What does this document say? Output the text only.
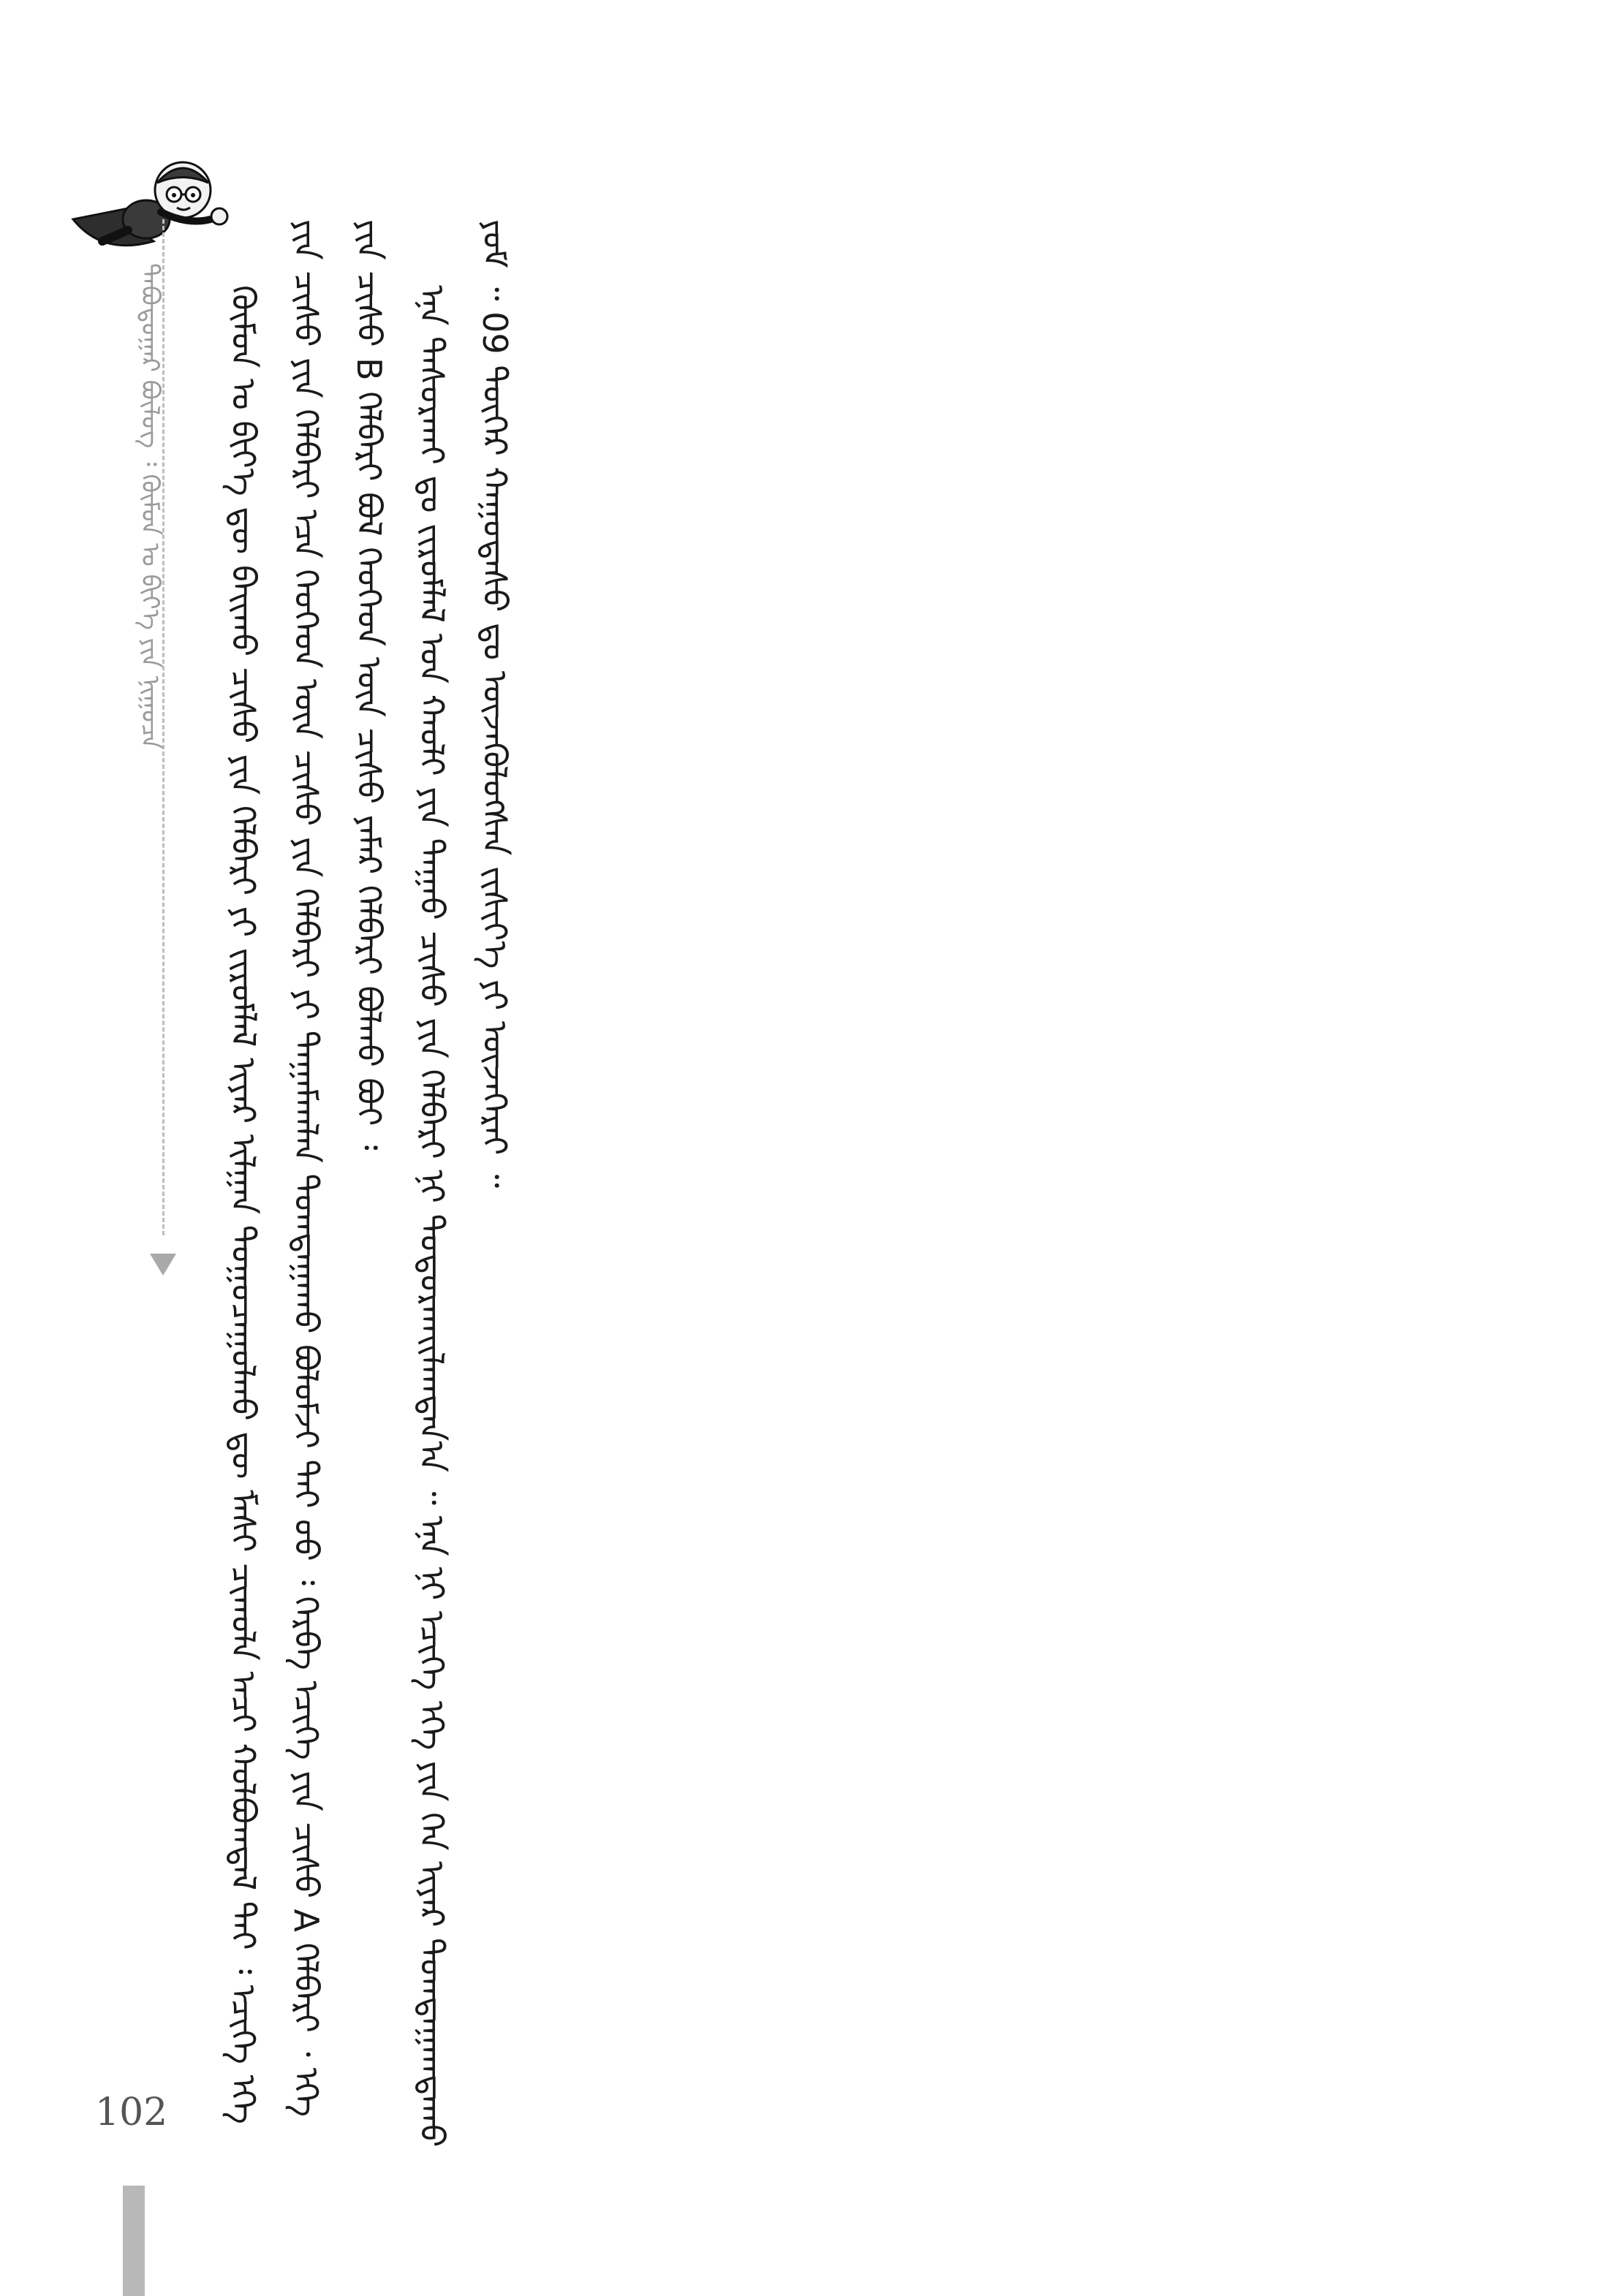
ᠲᠠᠪᠤᠳᠤᠭᠠᠷ ᠪᠦᠯᠦᠭ ᠄ ᠬᠦᠮᠦᠨ ᠤ ᠪᠢᠶ᠎ᠡ ᠶᠢᠨ ᠨᠢᠭᠤᠴᠠ	ᠬᠦᠮᠦᠨ ᠤ ᠪᠢᠶ᠎ᠡ ᠳᠦ ᠪᠠᠢᠬᠤ ᠴᠢᠰᠤ ᠶᠢᠨ ᠬᠡᠯᠪᠡᠷᠢ ᠶᠢ ᠵᠢᠷᠤᠮᠯᠠᠯ ᠢᠶᠠᠷ ᠢᠯᠭᠠᠨ ᠲᠣᠭᠤᠴᠠᠭᠤᠯᠬᠤ ᠳᠦ ᠮᠠᠰᠢ ᠴᠢᠬᠤᠯᠠ ᠠᠴᠢ ᠬᠣᠯᠪᠣᠭᠳᠠᠯ ᠲᠠᠢ ᠄ ᠡᠴᠢᠭᠡ ᠡᠬᠡ ᠶᠢᠨ ᠴᠢᠰᠤ ᠶᠢᠨ ᠬᠡᠯᠪᠡᠷᠢ ᠡᠴᠡ ᠬᠡᠦᠬᠡᠳ ᠦᠨ ᠴᠢᠰᠤ ᠶᠢᠨ ᠬᠡᠯᠪᠡᠷᠢ ᠶᠢ ᠲᠠᠭᠠᠮᠠᠭᠯᠠᠨ ᠲᠣᠭᠲᠠᠭᠠᠬᠤ ᠪᠣᠯᠤᠮᠵᠢ ᠲᠠᠢ ᠤᠤ ᠄ ᠬᠡᠷᠪᠡ ᠡᠴᠢᠭᠡ ᠶᠢᠨ ᠴᠢᠰᠤ A ᠬᠡᠯᠪᠡᠷᠢ ᠂ ᠡᠬᠡ ᠶᠢᠨ ᠴᠢᠰᠤ B ᠬᠡᠯᠪᠡᠷᠢ ᠪᠣᠯ ᠬᠡᠦᠬᠡᠳ ᠦᠨ ᠴᠢᠰᠤ ᠶᠠᠮᠠᠷ ᠬᠡᠯᠪᠡᠷᠢ ᠪᠣᠯᠬᠤ ᠪᠤᠢ ᠄ ᠡᠨᠡ ᠲᠠᠰᠤᠷᠬᠠᠢ ᠳᠤ ᠵᠢᠷᠤᠮᠯᠠᠯ ᠤᠨ ᠬᠠᠤᠯᠢ ᠶᠢᠨ ᠳᠠᠭᠠᠤ ᠴᠢᠰᠤ ᠶᠢᠨ ᠬᠡᠯᠪᠡᠷᠢ ᠨᠢ ᠲᠣᠳᠣᠷᠬᠠᠢᠯᠠᠭᠳᠠᠨ᠎ᠠ ᠃ ᠡᠨᠡ ᠨᠢ ᠡᠴᠢᠭᠡ ᠡᠬᠡ ᠶᠢᠨ ᠭᠡᠨ ᠢᠶᠡᠷ ᠲᠣᠭᠲᠠᠭᠠᠭᠳᠠᠬᠤ ᠶᠤᠮ ᠃ 09 ᠳᠦᠭᠡᠷ ᠬᠠᠭᠤᠳᠠᠰᠤ ᠳᠤ ᠦᠵᠡᠭᠦᠯᠦᠭᠰᠡᠨ ᠵᠢᠱᠢᠶ᠎ᠡ ᠶᠢ ᠦᠵᠡᠭᠡᠷᠡᠢ ᠃

102
